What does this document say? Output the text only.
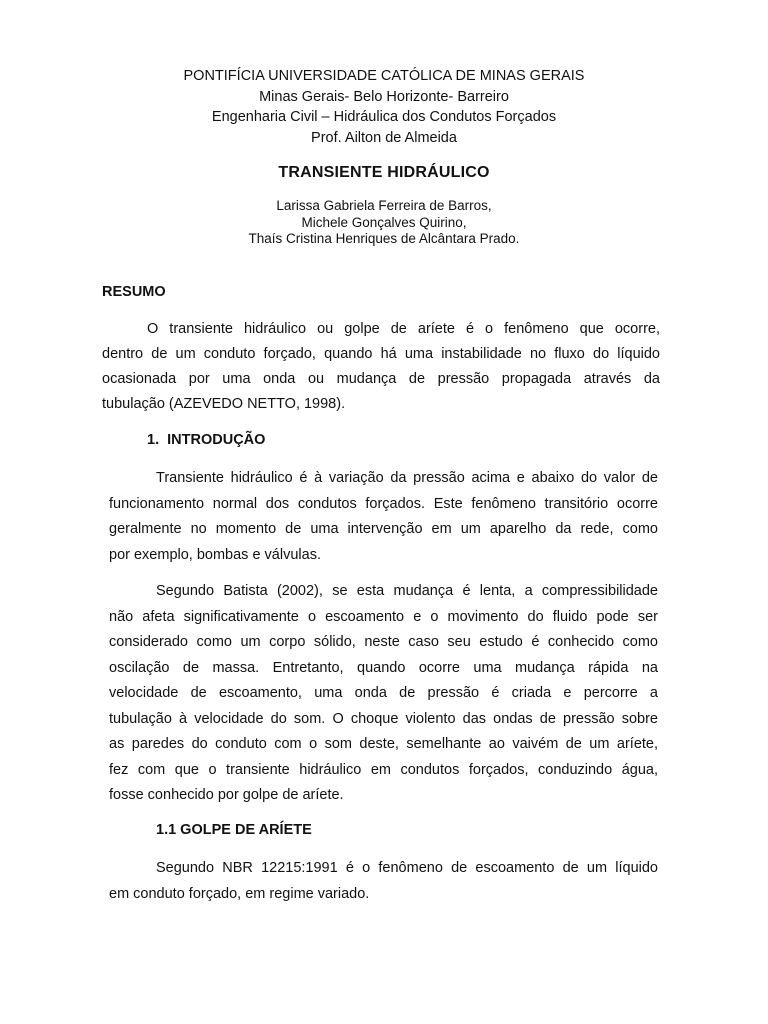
PONTIFÍCIA UNIVERSIDADE CATÓLICA DE MINAS GERAIS
Minas Gerais- Belo Horizonte- Barreiro
Engenharia Civil – Hidráulica dos Condutos Forçados
Prof. Ailton de Almeida
TRANSIENTE HIDRÁULICO
Larissa Gabriela Ferreira de Barros,
Michele Gonçalves Quirino,
Thaís Cristina Henriques de Alcântara Prado.
RESUMO
O transiente hidráulico ou golpe de aríete é o fenômeno que ocorre,
dentro de um conduto forçado, quando há uma instabilidade no fluxo do líquido
ocasionada por uma onda ou mudança de pressão propagada através da
tubulação (AZEVEDO NETTO, 1998).
1.  INTRODUÇÃO
Transiente hidráulico é à variação da pressão acima e abaixo do valor de
funcionamento normal dos condutos forçados. Este fenômeno transitório ocorre
geralmente no momento de uma intervenção em um aparelho da rede, como
por exemplo, bombas e válvulas.
Segundo Batista (2002), se esta mudança é lenta, a compressibilidade
não afeta significativamente o escoamento e o movimento do fluido pode ser
considerado como um corpo sólido, neste caso seu estudo é conhecido como
oscilação de massa. Entretanto, quando ocorre uma mudança rápida na
velocidade de escoamento, uma onda de pressão é criada e percorre a
tubulação à velocidade do som. O choque violento das ondas de pressão sobre
as paredes do conduto com o som deste, semelhante ao vaivém de um aríete,
fez com que o transiente hidráulico em condutos forçados, conduzindo água,
fosse conhecido por golpe de aríete.
1.1 GOLPE DE ARÍETE
Segundo NBR 12215:1991 é o fenômeno de escoamento de um líquido
em conduto forçado, em regime variado.
